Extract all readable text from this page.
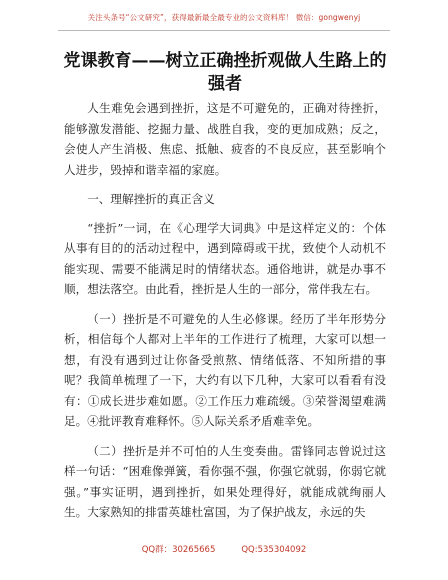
关注头条号“公文研究”，获得最新最全最专业的公文资料库！ 微信：gongwenyj
党课教育——树立正确挫折观做人生路上的强者

人生难免会遇到挫折，这是不可避免的，正确对待挫折，能够激发潜能、挖掘力量、战胜自我，变的更加成熟；反之，会使人产生消极、焦虑、抵触、疲沓的不良反应，甚至影响个人进步，毁掉和谐幸福的家庭。

一、理解挫折的真正含义

“挫折”一词，在《心理学大词典》中是这样定义的：个体从事有目的的活动过程中，遇到障碍或干扰，致使个人动机不能实现、需要不能满足时的情绪状态。通俗地讲，就是办事不顺，想法落空。由此看，挫折是人生的一部分，常伴我左右。

（一）挫折是不可避免的人生必修课。经历了半年形势分析，相信每个人都对上半年的工作进行了梳理，大家可以想一想，有没有遇到过让你备受煎熬、情绪低落、不知所措的事呢？我简单梳理了一下，大约有以下几种，大家可以看看有没有：①成长进步难如愿。②工作压力难疏缓。③荣誉渴望难满足。④批评教育难释怀。⑤人际关系矛盾难幸免。

（二）挫折是并不可怕的人生变奏曲。雷锋同志曾说过这样一句话：“困难像弹簧，看你强不强，你强它就弱，你弱它就强。”事实证明，遇到挫折，如果处理得好，就能成就绚丽人生。大家熟知的排雷英雄杜富国，为了保护战友，永远的失

QQ群：30265665	QQ:535304092
